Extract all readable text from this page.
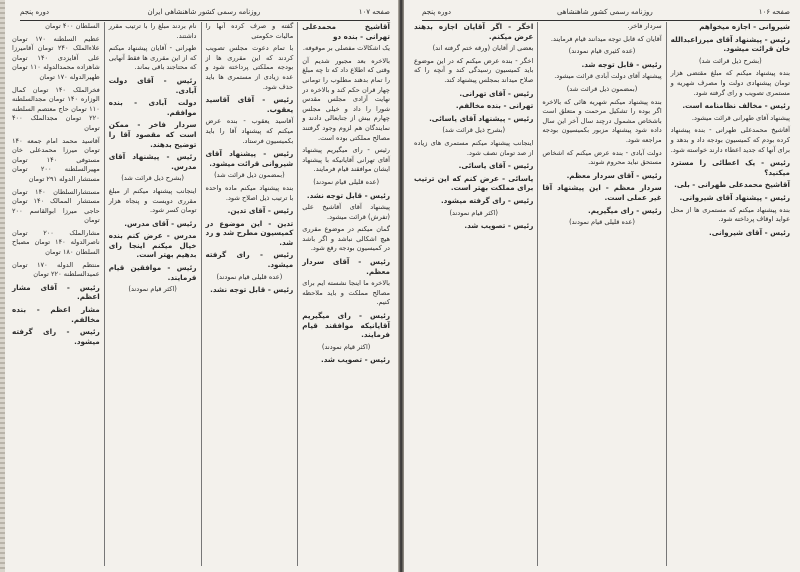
صفحه ۱۰۷
روزنامه رسمی کشور شاهنشاهی ایران
دوره پنجم

آقاشیخ محمدعلی تهرانی - بنده دو

یک اشکالات مفصلی بر موقوفه.

بالاخره بعد مجبور شدیم آن وقتی که اطلاع داد که تا چه مبلغ را تمام بدهند مطلوب را تومانی چهار قران حکم کند و بالاخره در نهایت آزادی مجلس مقدس شورا را داد و خیلی مجلس چهارم بیش از جنابعالی دادند و نمایندگان هم لزوم وجود گرفتند مصالح مملکتی بوده است.

رئیس - رای میگیریم پیشنهاد آقای تهرانی آقایانیکه با پیشنهاد ایشان موافقند قیام فرمایند.

(عده قلیلی قیام نمودند)

رئیس - قابل توجه نشد.

پیشنهاد آقای آقاشیخ علی (تفرش) قرائت میشود.

گمان میکنم در موضوع مقرری هیچ اشکالی نباشد و اگر باشد در کمیسیون بودجه رفع شود.

رئیس - آقای سردار معظم.

بالاخره ما اینجا نشسته ایم برای مصالح مملکت و باید ملاحظه کنیم.

رئیس - رای میگیریم آقایانیکه موافقند قیام فرمایند.

(اکثر قیام نمودند)

رئیس - تصویب شد.

گفته و صرف کرده آنها را مالیات حکومتی

با تمام دعوت مجلس تصویب کردند که این مقرری ها از بودجه مملکتی پرداخته شود و عده زیادی از مستمری ها باید حذف شود.

رئیس - آقای آقاسید یعقوب.

آقاسید یعقوب - بنده عرض میکنم که پیشنهاد آقا را باید بکمیسیون فرستاد.

رئیس - پیشنهاد آقای شیروانی قرائت میشود.

(بمضمون ذیل قرائت شد)

بنده پیشنهاد میکنم ماده واحده با ترتیب ذیل اصلاح شود.

رئیس - آقای تدین.

تدین - این موضوع در کمیسیون مطرح شد و رد شد.

رئیس - رای گرفته میشود.

(عده قلیلی قیام نمودند)

رئیس - قابل توجه نشد.

نام بردند مبلغ را با ترتیب مقرر داشتند.

طهرانی - آقایان پیشنهاد میکنم که از این مقرری ها فقط آنهایی که محتاجند باقی بماند.

رئیس - آقای دولت آبادی.

دولت آبادی - بنده موافقم.

سردار فاخر - ممکن است که مقصود آقا را توضیح بدهند.

رئیس - پیشنهاد آقای مدرس.

(بشرح ذیل قرائت شد)

اینجانب پیشنهاد میکنم از مبلغ مقرری دویست و پنجاه هزار تومان کسر شود.

رئیس - آقای مدرس.

مدرس - عرض کنم بنده خیال میکنم اینجا رای بدهیم بهتر است.

رئیس - موافقین قیام فرمایند.

(اکثر قیام نمودند)

السلطان ۴۰۰ تومان

عظیم السلطنه ۱۷۰ تومان علاءالملک ۲۴۰ تومان آقامیرزا علی آقایزدی ۱۴۰ تومان شاهزاده محمدالدوله ۱۱۰ تومان ظهیرالدوله ۱۷۰ تومان

فخرالملک ۱۴۰ تومان کمال الوزاره ۱۴۰ تومان مجدالسلطنه ۱۱۰ تومان حاج معتصم السلطنه ۲۲۰ تومان مجدالملک ۴۰۰ تومان

آقاسید محمد امام جمعه ۱۴۰ تومان میرزا محمدعلی خان مستوفی ۱۴۰ تومان مهیرالسلطنه ۲۰۰ تومان مستشار الدوله ۲۹۱ تومان

مستشارالسلطان ۱۴۰ تومان مستشار الممالک ۱۴۰ تومان حاجی میرزا ابوالقاسم ۲۰۰ تومان

مشارالملک ۲۰۰ تومان ناصرالدوله ۱۴۰ تومان مصباح السلطان ۱۸۰ تومان

منتظم الدوله ۱۷۰ تومان عمیدالسلطنه ۲۲۰ تومان

رئیس - آقای مشار اعظم.

مشار اعظم - بنده مخالفم.

رئیس - رای گرفته میشود.

صفحه ۱۰۶
روزنامه رسمی کشور شاهنشاهی
دوره پنجم

شیروانی - اجازه میخواهم

رئیس - پیشنهاد آقای میرزاعبدالله خان قرائت میشود.

(بشرح ذیل قرائت شد)

بنده پیشنهاد میکنم که مبلغ مقتضی هزار تومان پیشنهادی دولت وا مصرف شهریه و مستمری تصویب و رای گرفته شود.

رئیس - مخالف نظامنامه است.

پیشنهاد آقای طهرانی قرائت میشود.

آقاشیخ محمدعلی طهرانی - بنده پیشنهاد کرده بودم که کمیسیون بودجه داد و بدهد و برای آنها که جدید اعطاء دارند خواسته شود.

رئیس - یک اعطائی را مسترد میکنید؟

آقاشیخ محمدعلی طهرانی - بلی.

رئیس - پیشنهاد آقای شیروانی.

بنده پیشنهاد میکنم که مستمری ها از محل عواید اوقاف پرداخته شود.

رئیس - آقای شیروانی.

سردار فاخر.

آقایان که قابل توجه میدانند قیام فرمایند.

(عده کثیری قیام نمودند)

رئیس - قابل توجه شد.

پیشنهاد آقای دولت آبادی قرائت میشود.

(بمضمون ذیل قرائت شد)

بنده پیشنهاد میکنم شهریه هائی که بالاخره اگر بوده را تشکیل مرحمت و متعلق است باشخاص مشمول درچند سال آخر این سال داده شود پیشنهاد مزبور بکمیسیون بودجه مراجعه شود.

دولت آبادی - بنده عرض میکنم که اشخاص مستحق نباید محروم شوند.

رئیس - آقای سردار معظم.

سردار معظم - این پیشنهاد آقا غیر عملی است.

رئیس - رای میگیریم.

(عده قلیلی قیام نمودند)

اخگر - اگر آقایان اجازه بدهند عرض میکنم.

بعضی از آقایان (ورقه ختم گرفته اند)

اخگر - بنده عرض میکنم که در این موضوع باید کمیسیون رسیدگی کند و آنچه را که صلاح میداند بمجلس پیشنهاد کند.

رئیس - آقای تهرانی.

تهرانی - بنده مخالفم.

رئیس - پیشنهاد آقای یاسائی.

(بشرح ذیل قرائت شد)

اینجانب پیشنهاد میکنم مستمری های زیاده از صد تومان نصف شود.

رئیس - آقای یاسائی.

یاسائی - عرض کنم که این ترتیب برای مملکت بهتر است.

رئیس - رای گرفته میشود.

(اکثر قیام نمودند)

رئیس - تصویب شد.
